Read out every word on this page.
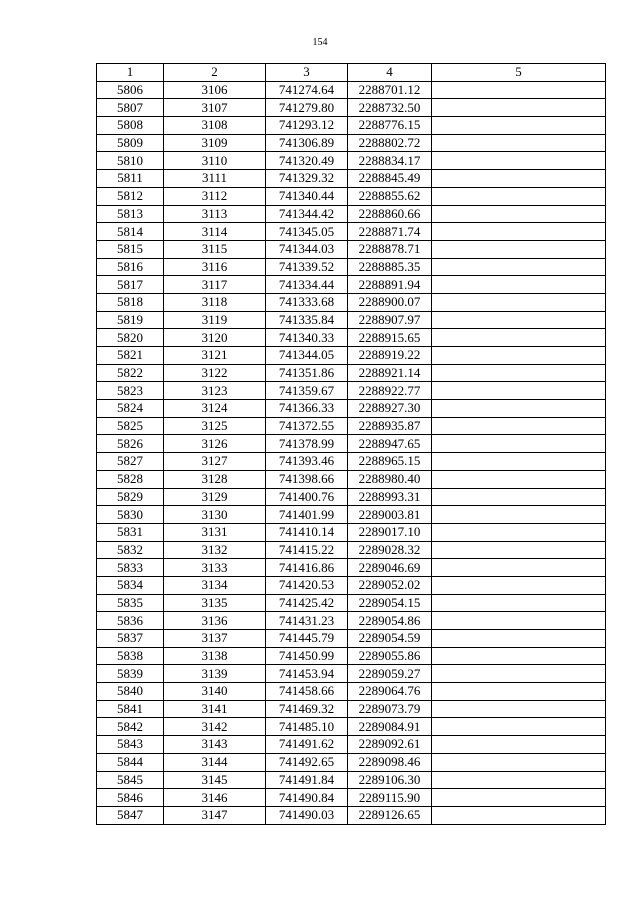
154
1	2	3	4	5
5806	3106	741274.64	2288701.12	
5807	3107	741279.80	2288732.50	
5808	3108	741293.12	2288776.15	
5809	3109	741306.89	2288802.72	
5810	3110	741320.49	2288834.17	
5811	3111	741329.32	2288845.49	
5812	3112	741340.44	2288855.62	
5813	3113	741344.42	2288860.66	
5814	3114	741345.05	2288871.74	
5815	3115	741344.03	2288878.71	
5816	3116	741339.52	2288885.35	
5817	3117	741334.44	2288891.94	
5818	3118	741333.68	2288900.07	
5819	3119	741335.84	2288907.97	
5820	3120	741340.33	2288915.65	
5821	3121	741344.05	2288919.22	
5822	3122	741351.86	2288921.14	
5823	3123	741359.67	2288922.77	
5824	3124	741366.33	2288927.30	
5825	3125	741372.55	2288935.87	
5826	3126	741378.99	2288947.65	
5827	3127	741393.46	2288965.15	
5828	3128	741398.66	2288980.40	
5829	3129	741400.76	2288993.31	
5830	3130	741401.99	2289003.81	
5831	3131	741410.14	2289017.10	
5832	3132	741415.22	2289028.32	
5833	3133	741416.86	2289046.69	
5834	3134	741420.53	2289052.02	
5835	3135	741425.42	2289054.15	
5836	3136	741431.23	2289054.86	
5837	3137	741445.79	2289054.59	
5838	3138	741450.99	2289055.86	
5839	3139	741453.94	2289059.27	
5840	3140	741458.66	2289064.76	
5841	3141	741469.32	2289073.79	
5842	3142	741485.10	2289084.91	
5843	3143	741491.62	2289092.61	
5844	3144	741492.65	2289098.46	
5845	3145	741491.84	2289106.30	
5846	3146	741490.84	2289115.90	
5847	3147	741490.03	2289126.65	
